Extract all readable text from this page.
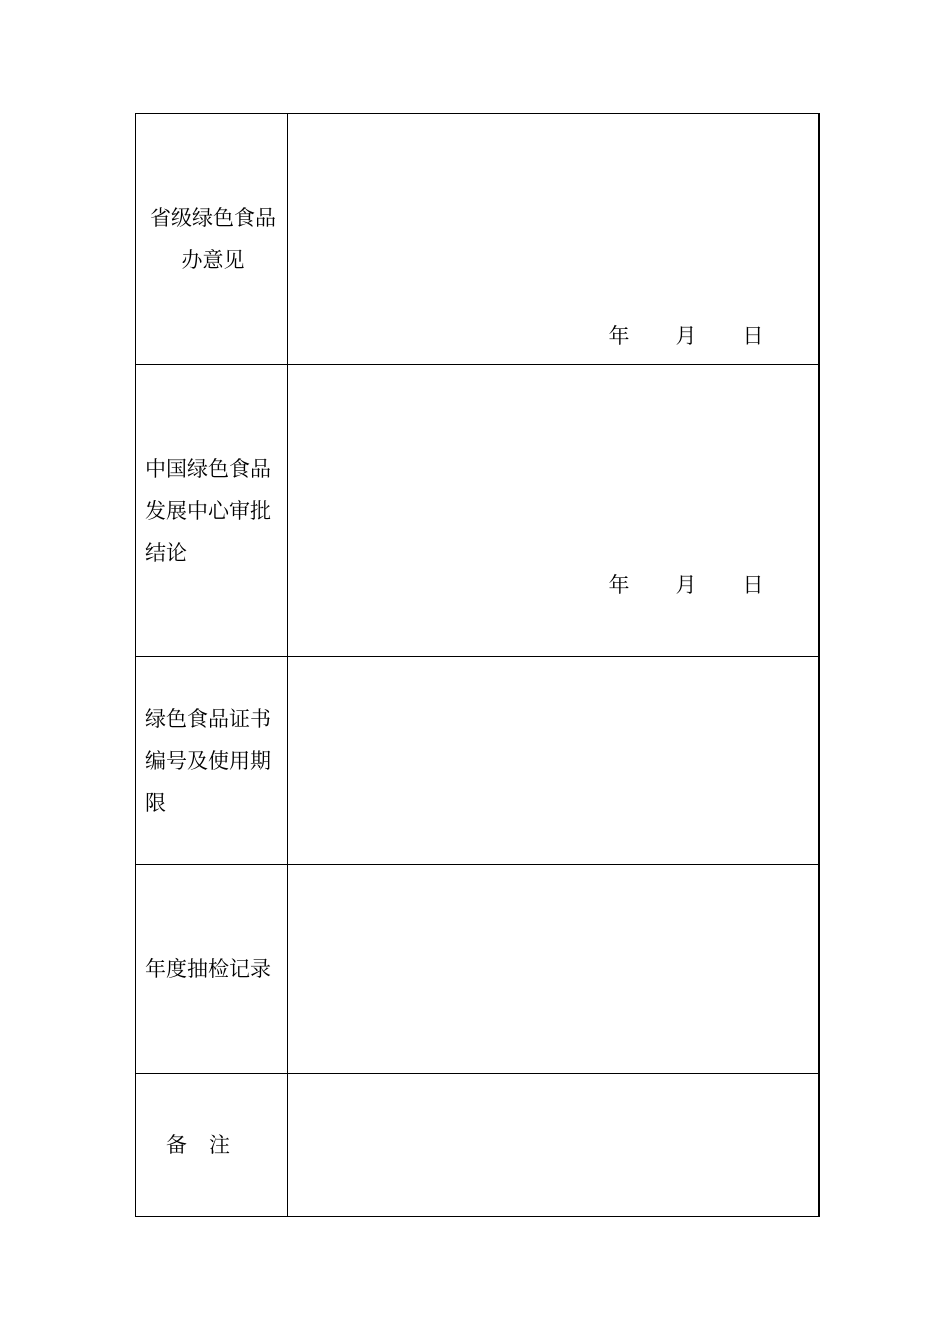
省级绿色食品
办意见	年 月 日

中国绿色食品
发展中心审批
结论	年 月 日

绿色食品证书
编号及使用期
限	

年度抽检记录	

备 注	
